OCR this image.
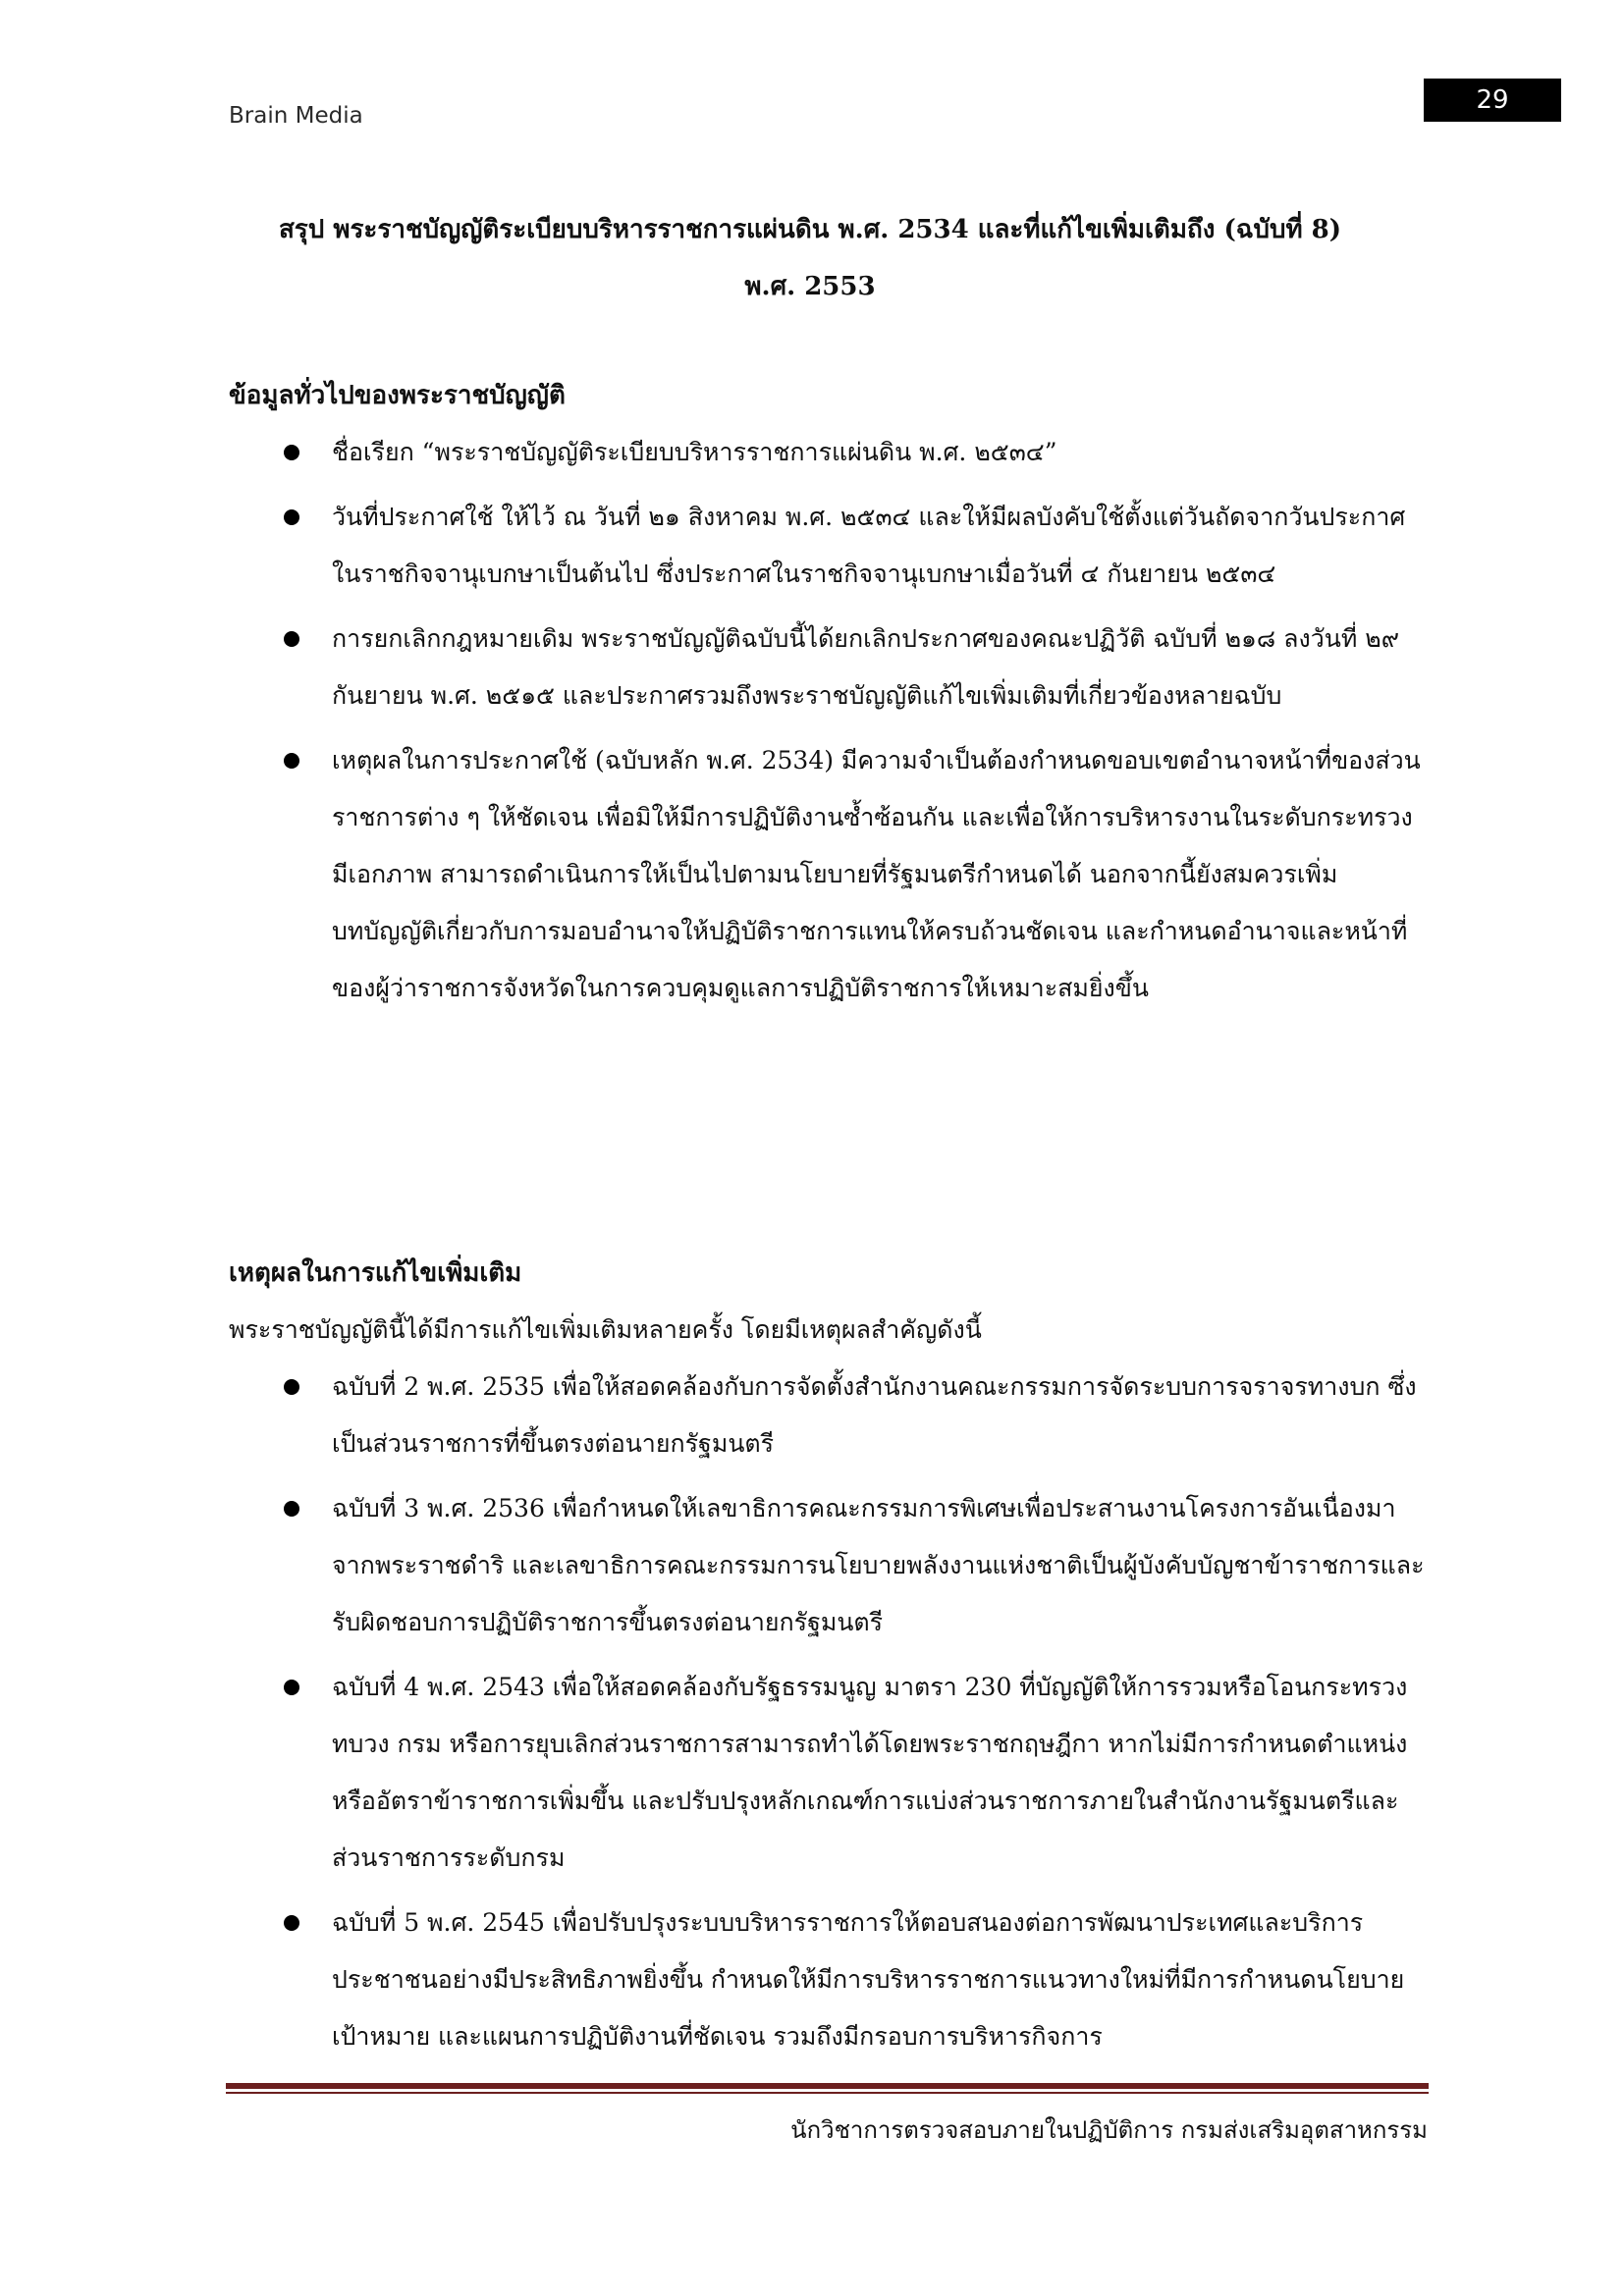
Brain Media
29
สรุป พระราชบัญญัติระเบียบบริหารราชการแผ่นดิน พ.ศ. 2534 และที่แก้ไขเพิ่มเติมถึง (ฉบับที่ 8)
พ.ศ. 2553
ข้อมูลทั่วไปของพระราชบัญญัติ
ชื่อเรียก “พระราชบัญญัติระเบียบบริหารราชการแผ่นดิน พ.ศ. ๒๕๓๔”
วันที่ประกาศใช้ ให้ไว้ ณ วันที่ ๒๑ สิงหาคม พ.ศ. ๒๕๓๔ และให้มีผลบังคับใช้ตั้งแต่วันถัดจากวันประกาศในราชกิจจานุเบกษาเป็นต้นไป ซึ่งประกาศในราชกิจจานุเบกษาเมื่อวันที่ ๔ กันยายน ๒๕๓๔
การยกเลิกกฎหมายเดิม พระราชบัญญัติฉบับนี้ได้ยกเลิกประกาศของคณะปฏิวัติ ฉบับที่ ๒๑๘ ลงวันที่ ๒๙ กันยายน พ.ศ. ๒๕๑๕ และประกาศรวมถึงพระราชบัญญัติแก้ไขเพิ่มเติมที่เกี่ยวข้องหลายฉบับ
เหตุผลในการประกาศใช้ (ฉบับหลัก พ.ศ. 2534) มีความจำเป็นต้องกำหนดขอบเขตอำนาจหน้าที่ของส่วนราชการต่าง ๆ ให้ชัดเจน เพื่อมิให้มีการปฏิบัติงานซ้ำซ้อนกัน และเพื่อให้การบริหารงานในระดับกระทรวงมีเอกภาพ สามารถดำเนินการให้เป็นไปตามนโยบายที่รัฐมนตรีกำหนดได้ นอกจากนี้ยังสมควรเพิ่มบทบัญญัติเกี่ยวกับการมอบอำนาจให้ปฏิบัติราชการแทนให้ครบถ้วนชัดเจน และกำหนดอำนาจและหน้าที่ของผู้ว่าราชการจังหวัดในการควบคุมดูแลการปฏิบัติราชการให้เหมาะสมยิ่งขึ้น
เหตุผลในการแก้ไขเพิ่มเติม

พระราชบัญญัตินี้ได้มีการแก้ไขเพิ่มเติมหลายครั้ง โดยมีเหตุผลสำคัญดังนี้

ฉบับที่ 2 พ.ศ. 2535 เพื่อให้สอดคล้องกับการจัดตั้งสำนักงานคณะกรรมการจัดระบบการจราจรทางบก ซึ่งเป็นส่วนราชการที่ขึ้นตรงต่อนายกรัฐมนตรี
ฉบับที่ 3 พ.ศ. 2536 เพื่อกำหนดให้เลขาธิการคณะกรรมการพิเศษเพื่อประสานงานโครงการอันเนื่องมาจากพระราชดำริ และเลขาธิการคณะกรรมการนโยบายพลังงานแห่งชาติเป็นผู้บังคับบัญชาข้าราชการและรับผิดชอบการปฏิบัติราชการขึ้นตรงต่อนายกรัฐมนตรี
ฉบับที่ 4 พ.ศ. 2543 เพื่อให้สอดคล้องกับรัฐธรรมนูญ มาตรา 230 ที่บัญญัติให้การรวมหรือโอนกระทรวง ทบวง กรม หรือการยุบเลิกส่วนราชการสามารถทำได้โดยพระราชกฤษฎีกา หากไม่มีการกำหนดตำแหน่งหรืออัตราข้าราชการเพิ่มขึ้น และปรับปรุงหลักเกณฑ์การแบ่งส่วนราชการภายในสำนักงานรัฐมนตรีและส่วนราชการระดับกรม
ฉบับที่ 5 พ.ศ. 2545 เพื่อปรับปรุงระบบบริหารราชการให้ตอบสนองต่อการพัฒนาประเทศและบริการประชาชนอย่างมีประสิทธิภาพยิ่งขึ้น กำหนดให้มีการบริหารราชการแนวทางใหม่ที่มีการกำหนดนโยบาย เป้าหมาย และแผนการปฏิบัติงานที่ชัดเจน รวมถึงมีกรอบการบริหารกิจการ
นักวิชาการตรวจสอบภายในปฏิบัติการ กรมส่งเสริมอุตสาหกรรม
